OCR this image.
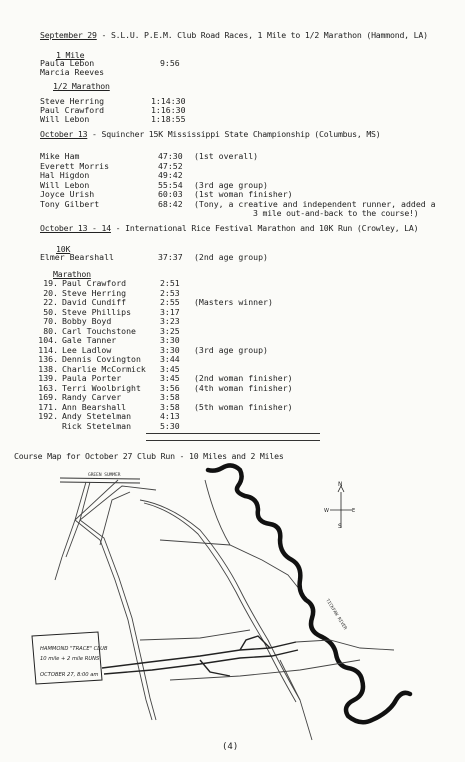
September 29 - S.L.U. P.E.M. Club Road Races, 1 Mile to 1/2 Marathon (Hammond, LA)
1 Mile
Paula Lebon	9:56
Marcia Reeves
1/2 Marathon
Steve Herring	1:14:30
Paul Crawford	1:16:30
Will Lebon	1:18:55
October 13 - Squincher 15K Mississippi State Championship (Columbus, MS)
Mike Ham	47:30 (1st overall)
Everett Morris	47:52
Hal Higdon	49:42
Will Lebon	55:54 (3rd age group)
Joyce Urish	60:03 (1st woman finisher)
Tony Gilbert	68:42 (Tony, a creative and independent runner, added a
3 mile out-and-back to the course!)
October 13 - 14 - International Rice Festival Marathon and 10K Run (Crowley, LA)
10K
Elmer Bearshall	37:37 (2nd age group)
Marathon
19. Paul Crawford	2:51
20. Steve Herring	2:53
22. David Cundiff	2:55 (Masters winner)
50. Steve Phillips	3:17
70. Bobby Boyd	3:23
80. Carl Touchstone	3:25
104. Gale Tanner	3:30
114. Lee Ladlow	3:30 (3rd age group)
136. Dennis Covington 3:44
138. Charlie McCormick 3:45
139. Paula Porter	3:45 (2nd woman finisher)
163. Terri Woolbright 3:56 (4th woman finisher)
169. Randy Carver	3:58
171. Ann Bearshall	3:58 (5th woman finisher)
192. Andy Stetelman	4:13
Rick Stetelman	5:30
Course Map for October 27 Club Run - 10 Miles and 2 Miles
GREEN SUMMER
TICKFAW RIVER
HAMMOND "TRACE" CLUB
10 mile + 2 mile RUNS
OCTOBER 27, 8:00 am
N
S
W	E
(4)
